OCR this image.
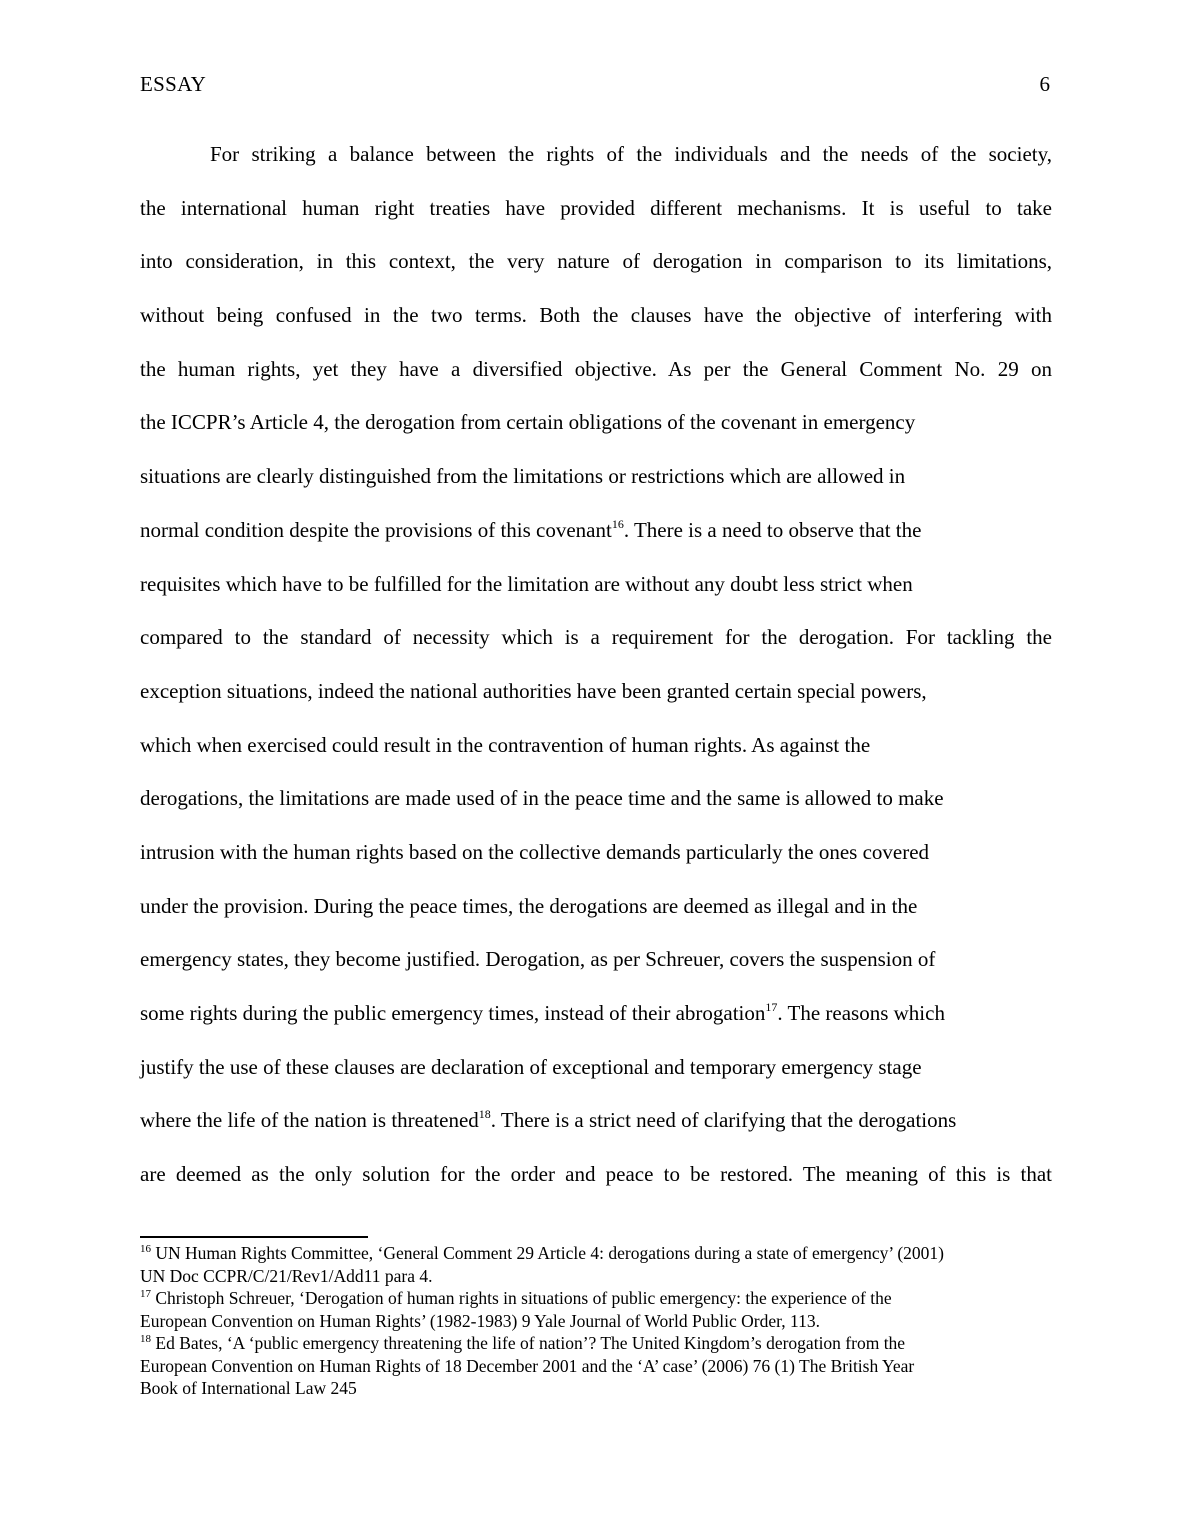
ESSAY	6
For striking a balance between the rights of the individuals and the needs of the society,
the international human right treaties have provided different mechanisms. It is useful to take
into consideration, in this context, the very nature of derogation in comparison to its limitations,
without being confused in the two terms. Both the clauses have the objective of interfering with
the human rights, yet they have a diversified objective. As per the General Comment No. 29 on
the ICCPR’s Article 4, the derogation from certain obligations of the covenant in emergency
situations are clearly distinguished from the limitations or restrictions which are allowed in
normal condition despite the provisions of this covenant$^{16}$. There is a need to observe that the
requisites which have to be fulfilled for the limitation are without any doubt less strict when
compared to the standard of necessity which is a requirement for the derogation. For tackling the
exception situations, indeed the national authorities have been granted certain special powers,
which when exercised could result in the contravention of human rights. As against the
derogations, the limitations are made used of in the peace time and the same is allowed to make
intrusion with the human rights based on the collective demands particularly the ones covered
under the provision. During the peace times, the derogations are deemed as illegal and in the
emergency states, they become justified. Derogation, as per Schreuer, covers the suspension of
some rights during the public emergency times, instead of their abrogation$^{17}$. The reasons which
justify the use of these clauses are declaration of exceptional and temporary emergency stage
where the life of the nation is threatened$^{18}$. There is a strict need of clarifying that the derogations
are deemed as the only solution for the order and peace to be restored. The meaning of this is that

$^{16}$ UN Human Rights Committee, ‘General Comment 29 Article 4: derogations during a state of emergency’ (2001)
UN Doc CCPR/C/21/Rev1/Add11 para 4.

$^{17}$ Christoph Schreuer, ‘Derogation of human rights in situations of public emergency: the experience of the
European Convention on Human Rights’ (1982-1983) 9 Yale Journal of World Public Order, 113.

$^{18}$ Ed Bates, ‘A ‘public emergency threatening the life of nation’? The United Kingdom’s derogation from the
European Convention on Human Rights of 18 December 2001 and the ‘A’ case’ (2006) 76 (1) The British Year
Book of International Law 245
